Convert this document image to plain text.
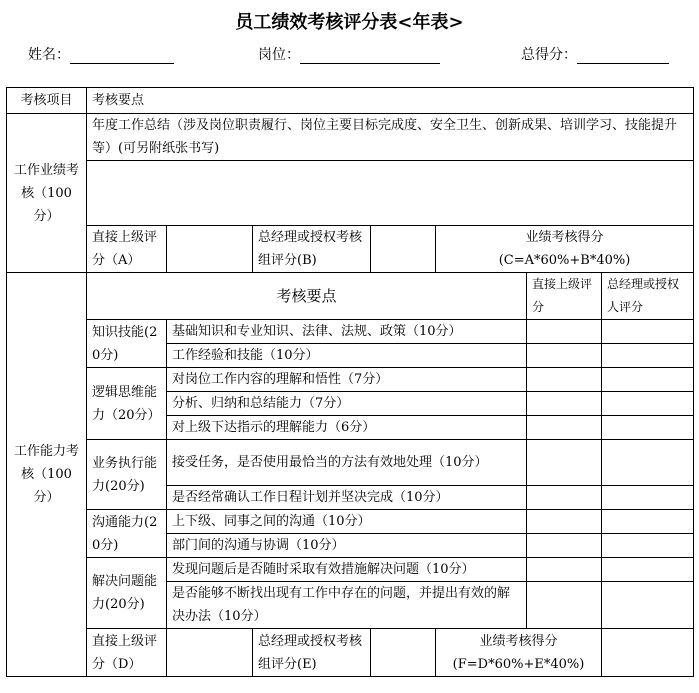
员工绩效考核评分表<年表>
姓名：	岗位：	总得分：
考核项目	考核要点							
工作业绩考核（100分）	年度工作总结（涉及岗位职责履行、岗位主要目标完成度、安全卫生、创新成果、培训学习、技能提升等）(可另附纸张书写)							

	直接上级评分（A）		总经理或授权考核组评分(B)		业绩考核得分
(C=A*60%+B*40%)			

工作能力考核（100分）	考核要点					直接上级评分	总经理或授权人评分	
	知识技能(20分)	基础知识和专业知识、法律、法规、政策（10分）						
		工作经验和技能（10分）						
	逻辑思维能力（20分）	对岗位工作内容的理解和悟性（7分）						
		分析、归纳和总结能力（7分）						
		对上级下达指示的理解能力（6分）						
	业务执行能力(20分)	接受任务，是否使用最恰当的方法有效地处理（10分）						
		是否经常确认工作日程计划并坚决完成（10分）						
	沟通能力(20分)	上下级、同事之间的沟通（10分）						
		部门间的沟通与协调（10分）						
	解决问题能力(20分)	发现问题后是否随时采取有效措施解决问题（10分）						
		是否能够不断找出现有工作中存在的问题，并提出有效的解决办法（10分）						
	直接上级评分（D）		总经理或授权考核组评分(E)		业绩考核得分
(F=D*60%+E*40%)			
